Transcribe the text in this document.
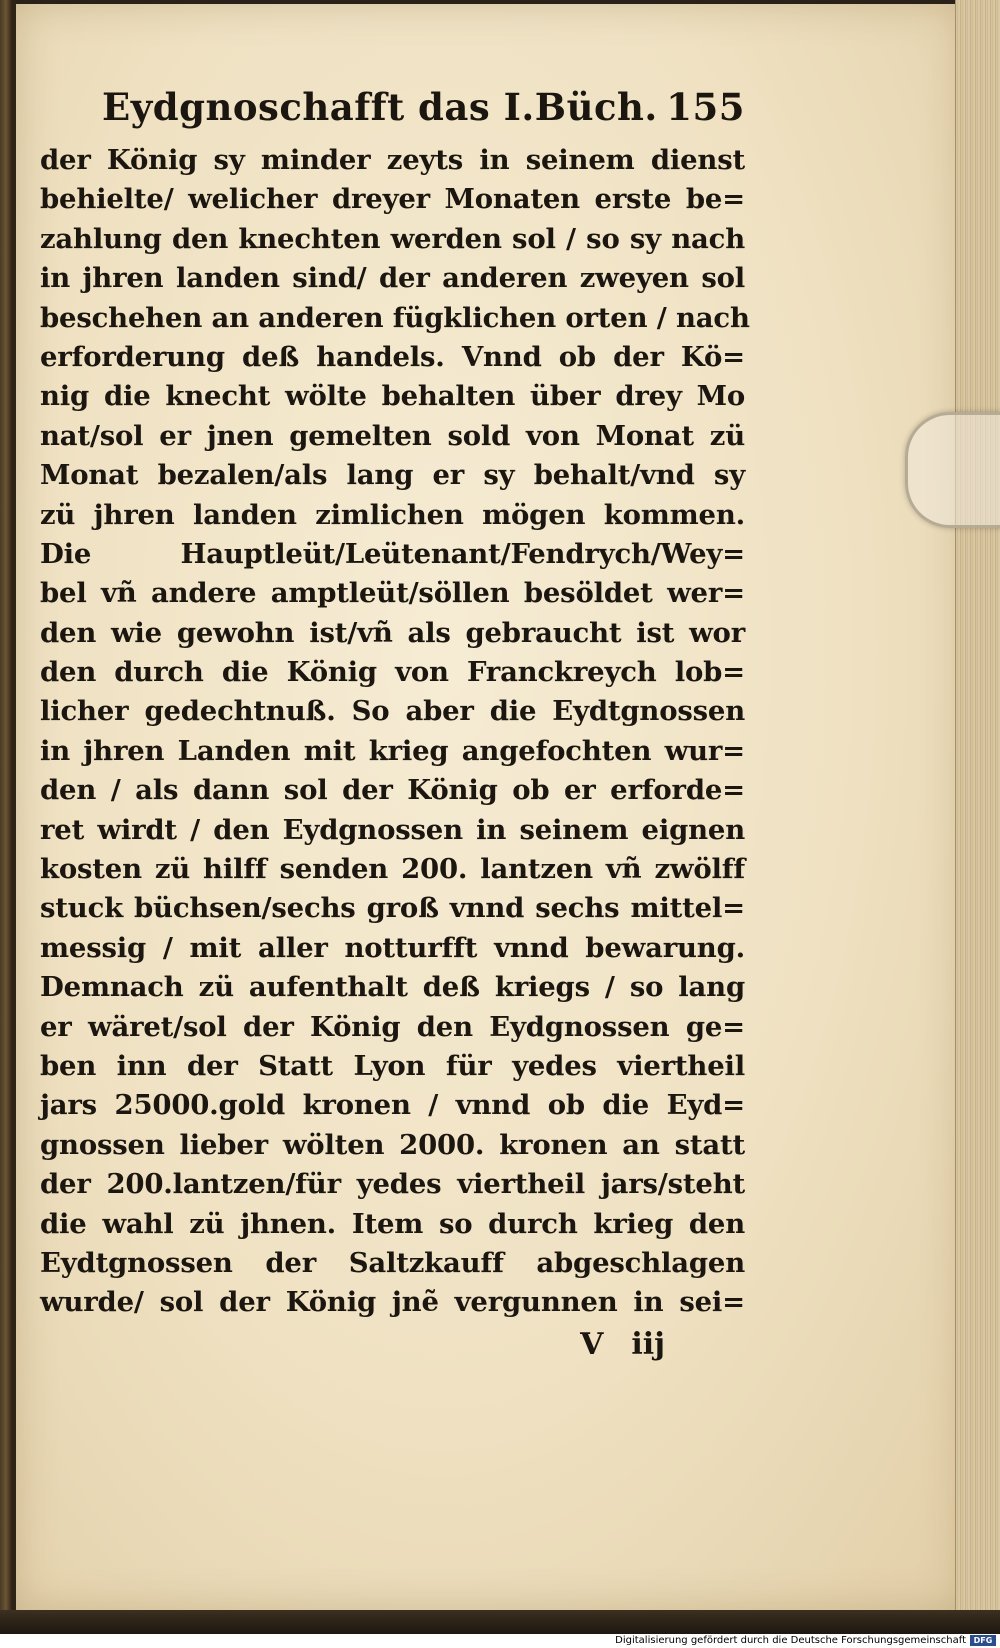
Eydgnoschafft das I.Büch. 155
der König sy minder zeyts in seinem dienst
behielte/ welicher dreyer Monaten erste be=
zahlung den knechten werden sol / so sy nach
in jhren landen sind/ der anderen zweyen sol
beschehen an anderen fügklichen orten / nach
erforderung deß handels. Vnnd ob der Kö=
nig die knecht wölte behalten über drey Mo
nat/sol er jnen gemelten sold von Monat zü
Monat bezalen/als lang er sy behalt/vnd sy
zü jhren landen zimlichen mögen kommen.
Die Hauptleüt/Leütenant/Fendrych/Wey=
bel vñ andere amptleüt/söllen besöldet wer=
den wie gewohn ist/vñ als gebraucht ist wor
den durch die König von Franckreych lob=
licher gedechtnuß. So aber die Eydtgnossen
in jhren Landen mit krieg angefochten wur=
den / als dann sol der König ob er erforde=
ret wirdt / den Eydgnossen in seinem eignen
kosten zü hilff senden 200. lantzen vñ zwölff
stuck büchsen/sechs groß vnnd sechs mittel=
messig / mit aller notturfft vnnd bewarung.
Demnach zü aufenthalt deß kriegs / so lang
er wäret/sol der König den Eydgnossen ge=
ben inn der Statt Lyon für yedes viertheil
jars 25000.gold kronen / vnnd ob die Eyd=
gnossen lieber wölten 2000. kronen an statt
der 200.lantzen/für yedes viertheil jars/steht
die wahl zü jhnen. Item so durch krieg den
Eydtgnossen der Saltzkauff abgeschlagen
wurde/ sol der König jnẽ vergunnen in sei=
V iij
Digitalisierung gefördert durch die Deutsche Forschungsgemeinschaft DFG
